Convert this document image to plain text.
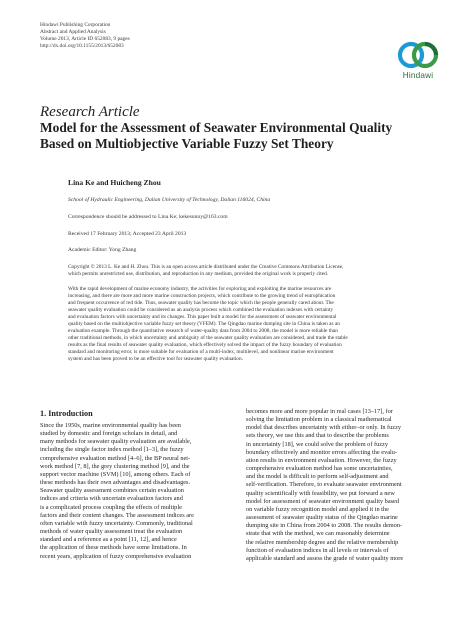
Hindawi Publishing Corporation
Abstract and Applied Analysis
Volume 2013, Article ID 652083, 9 pages
http://dx.doi.org/10.1155/2013/652083
Hindawi
Research Article
Model for the Assessment of Seawater Environmental Quality
Based on Multiobjective Variable Fuzzy Set Theory
Lina Ke and Huicheng Zhou
School of Hydraulic Engineering, Dalian University of Technology, Dalian 116024, China
Correspondence should be addressed to Lina Ke; kekesunny@163.com
Received 17 February 2013; Accepted 23 April 2013
Academic Editor: Yong Zhang
Copyright © 2013 L. Ke and H. Zhou. This is an open access article distributed under the Creative Commons Attribution License,
which permits unrestricted use, distribution, and reproduction in any medium, provided the original work is properly cited.
With the rapid development of marine economy industry, the activities for exploring and exploiting the marine resources are
increasing, and there are more and more marine construction projects, which contribute to the growing trend of eutrophication
and frequent occurrence of red tide. Thus, seawater quality has become the topic which the people generally cared about. The
seawater quality evaluation could be considered as an analysis process which combined the evaluation indexes with certainty
and evaluation factors with uncertainty and its changes. This paper built a model for the assessment of seawater environmental
quality based on the multiobjective variable fuzzy set theory (VFEM). The Qingdao marine dumping site in China is taken as an
evaluation example. Through the quantitative research of water-quality data from 2004 to 2008, the model is more reliable than
other traditional methods, in which uncertainty and ambiguity of the seawater quality evaluation are considered, and trade the stable
results as the final results of seawater quality evaluation, which effectively solved the impact of the fuzzy boundary of evaluation
standard and monitoring error, is more suitable for evaluation of a multi-index, multilevel, and nonlinear marine environment
system and has been proved to be an effective tool for seawater quality evaluation.
1. Introduction
Since the 1950s, marine environmental quality has been
studied by domestic and foreign scholars in detail, and
many methods for seawater quality evaluation are available,
including the single factor index method [1–3], the fuzzy
comprehensive evaluation method [4–6], the BP neural net-
work method [7, 8], the grey clustering method [9], and the
support vector machine (SVM) [10], among others. Each of
these methods has their own advantages and disadvantages.
Seawater quality assessment combines certain evaluation
indices and criteria with uncertain evaluation factors and
is a complicated process coupling the effects of multiple
factors and their content changes. The assessment indices are
often variable with fuzzy uncertainty. Commonly, traditional
methods of water quality assessment treat the evaluation
standard and a reference as a point [11, 12], and hence
the application of these methods have some limitations. In
recent years, application of fuzzy comprehensive evaluation
becomes more and more popular in real cases [13–17], for
solving the limitation problem in a classical mathematical
model that describes uncertainty with either–or only. In fuzzy
sets theory, we use this and that to describe the problems
in uncertainty [18], we could solve the problem of fuzzy
boundary effectively and monitor errors affecting the evalu-
ation results in environment evaluation. However, the fuzzy
comprehensive evaluation method has some uncertainties,
and the model is difficult to perform self-adjustment and
self-verification. Therefore, to evaluate seawater environment
quality scientifically with feasibility, we put forward a new
model for assessment of seawater environment quality based
on variable fuzzy recognition model and applied it in the
assessment of seawater quality status of the Qingdao marine
dumping site in China from 2004 to 2008. The results demon-
strate that with the method, we can reasonably determine
the relative membership degree and the relative membership
function of evaluation indices in all levels or intervals of
applicable standard and assess the grade of water quality more
